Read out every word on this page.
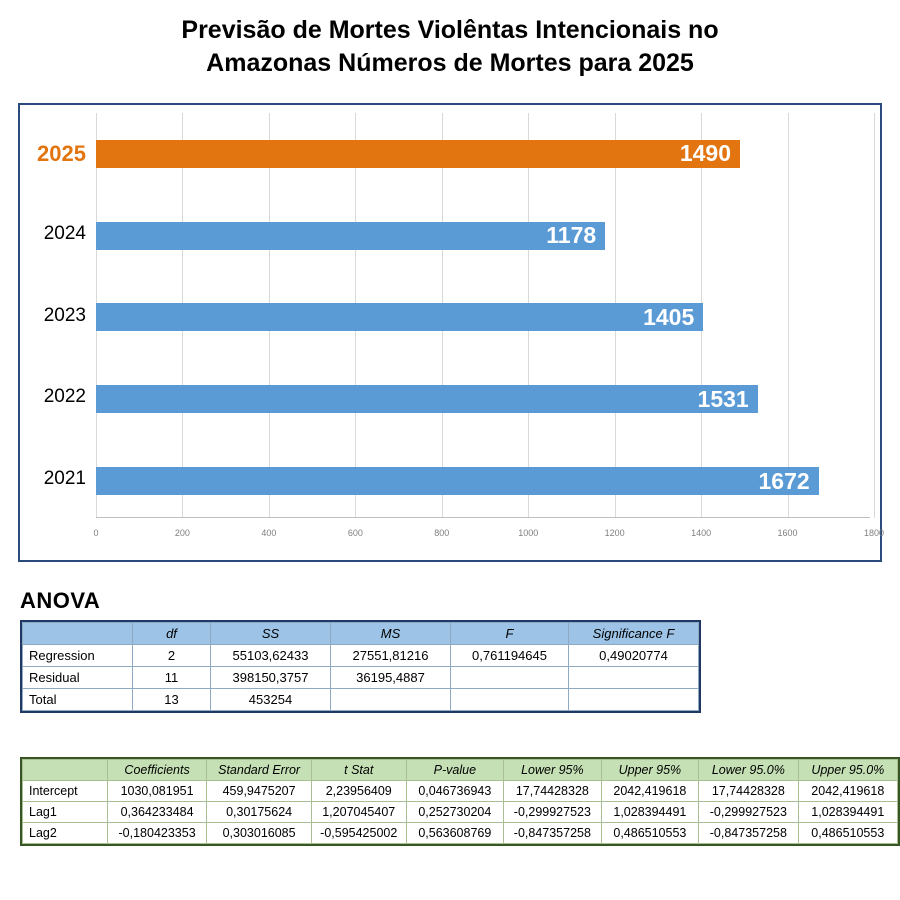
Previsão de Mortes Violêntas Intencionais no
Amazonas Números de Mortes para 2025
1490
1178
1405
1531
1672
0	200	400	600	800	1000	1200	1400	1600	1800
2025
2024
2023
2022
2021
ANOVA
	df	SS	MS	F	Significance F
Regression	2	55103,62433	27551,81216	0,761194645	0,49020774
Residual	11	398150,3757	36195,4887		
Total	13	453254			
	Coefficients	Standard Error	t Stat	P-value	Lower 95%	Upper 95%	Lower 95.0%	Upper 95.0%
Intercept	1030,081951	459,9475207	2,23956409	0,046736943	17,74428328	2042,419618	17,74428328	2042,419618
Lag1	0,364233484	0,30175624	1,207045407	0,252730204	-0,299927523	1,028394491	-0,299927523	1,028394491
Lag2	-0,180423353	0,303016085	-0,595425002	0,563608769	-0,847357258	0,486510553	-0,847357258	0,486510553
